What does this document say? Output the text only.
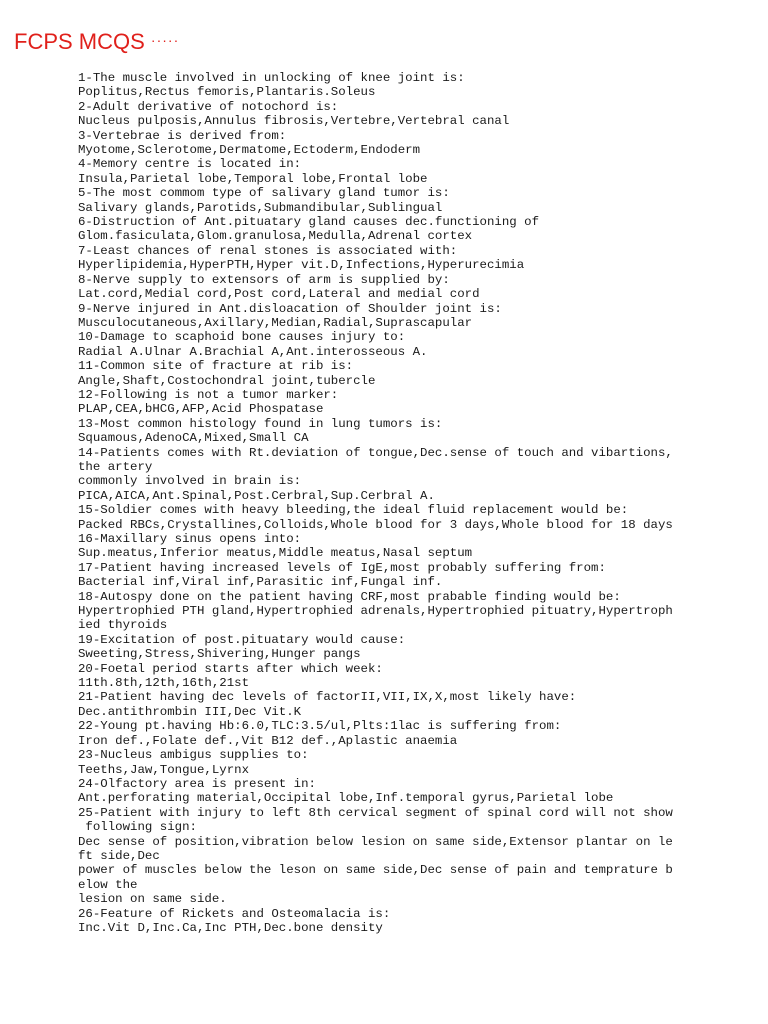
FCPS MCQS ·····
1-The muscle involved in unlocking of knee joint is:
Poplitus,Rectus femoris,Plantaris.Soleus
2-Adult derivative of notochord is:
Nucleus pulposis,Annulus fibrosis,Vertebre,Vertebral canal
3-Vertebrae is derived from:
Myotome,Sclerotome,Dermatome,Ectoderm,Endoderm
4-Memory centre is located in:
Insula,Parietal lobe,Temporal lobe,Frontal lobe
5-The most commom type of salivary gland tumor is:
Salivary glands,Parotids,Submandibular,Sublingual
6-Distruction of Ant.pituatary gland causes dec.functioning of
Glom.fasiculata,Glom.granulosa,Medulla,Adrenal cortex
7-Least chances of renal stones is associated with:
Hyperlipidemia,HyperPTH,Hyper vit.D,Infections,Hyperurecimia
8-Nerve supply to extensors of arm is supplied by:
Lat.cord,Medial cord,Post cord,Lateral and medial cord
9-Nerve injured in Ant.disloacation of Shoulder joint is:
Musculocutaneous,Axillary,Median,Radial,Suprascapular
10-Damage to scaphoid bone causes injury to:
Radial A.Ulnar A.Brachial A,Ant.interosseous A.
11-Common site of fracture at rib is:
Angle,Shaft,Costochondral joint,tubercle
12-Following is not a tumor marker:
PLAP,CEA,bHCG,AFP,Acid Phospatase
13-Most common histology found in lung tumors is:
Squamous,AdenoCA,Mixed,Small CA
14-Patients comes with Rt.deviation of tongue,Dec.sense of touch and vibartions,
the artery
commonly involved in brain is:
PICA,AICA,Ant.Spinal,Post.Cerbral,Sup.Cerbral A.
15-Soldier comes with heavy bleeding,the ideal fluid replacement would be:
Packed RBCs,Crystallines,Colloids,Whole blood for 3 days,Whole blood for 18 days
16-Maxillary sinus opens into:
Sup.meatus,Inferior meatus,Middle meatus,Nasal septum
17-Patient having increased levels of IgE,most probably suffering from:
Bacterial inf,Viral inf,Parasitic inf,Fungal inf.
18-Autospy done on the patient having CRF,most prabable finding would be:
Hypertrophied PTH gland,Hypertrophied adrenals,Hypertrophied pituatry,Hypertroph
ied thyroids
19-Excitation of post.pituatary would cause:
Sweeting,Stress,Shivering,Hunger pangs
20-Foetal period starts after which week:
11th.8th,12th,16th,21st
21-Patient having dec levels of factorII,VII,IX,X,most likely have:
Dec.antithrombin III,Dec Vit.K
22-Young pt.having Hb:6.0,TLC:3.5/ul,Plts:1lac is suffering from:
Iron def.,Folate def.,Vit B12 def.,Aplastic anaemia
23-Nucleus ambigus supplies to:
Teeths,Jaw,Tongue,Lyrnx
24-Olfactory area is present in:
Ant.perforating material,Occipital lobe,Inf.temporal gyrus,Parietal lobe
25-Patient with injury to left 8th cervical segment of spinal cord will not show
following sign:
Dec sense of position,vibration below lesion on same side,Extensor plantar on le
ft side,Dec
power of muscles below the leson on same side,Dec sense of pain and temprature b
elow the
lesion on same side.
26-Feature of Rickets and Osteomalacia is:
Inc.Vit D,Inc.Ca,Inc PTH,Dec.bone density
